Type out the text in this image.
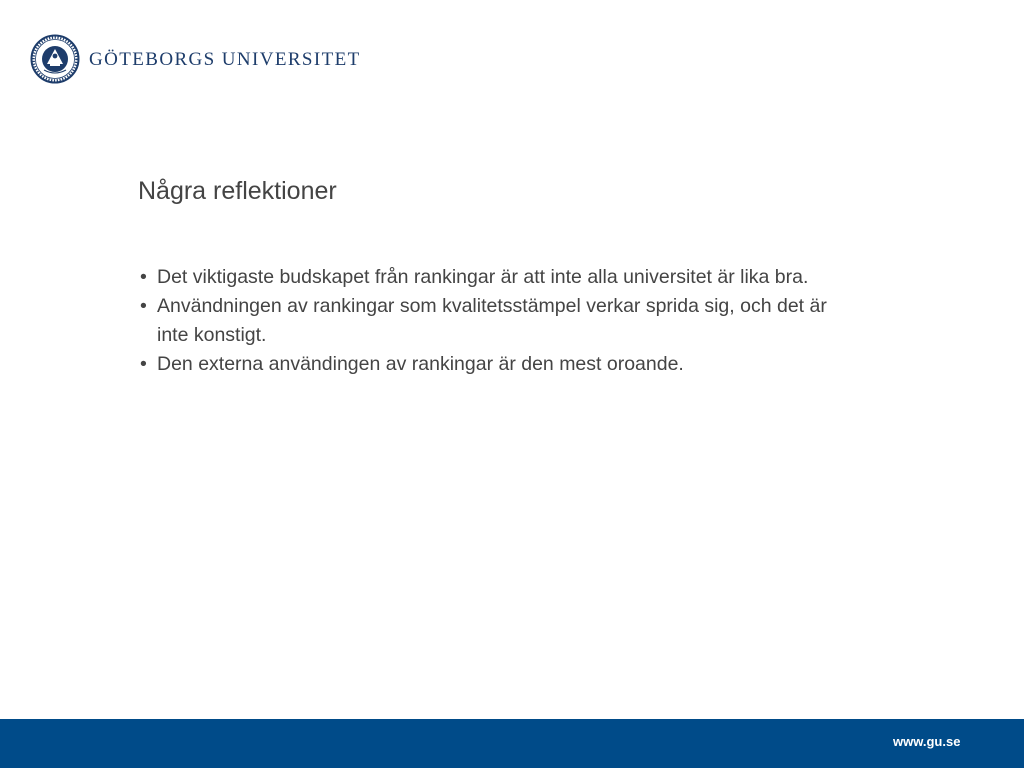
GÖTEBORGS UNIVERSITET
Några reflektioner
• Det viktigaste budskapet från rankingar är att inte alla universitet är lika bra.
• Användningen av rankingar som kvalitetsstämpel verkar sprida sig, och det är inte konstigt.
• Den externa användingen av rankingar är den mest oroande.
www.gu.se
